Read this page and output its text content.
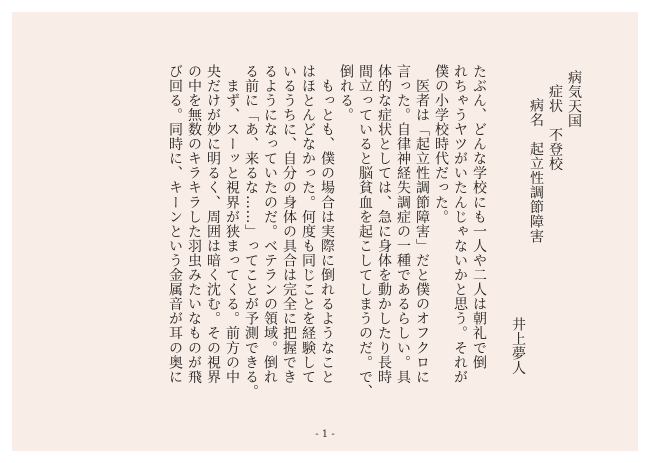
病気天国
症状　不登校
病名　起立性調節障害
井上夢人
たぶん、どんな学校にも一人や二人は朝礼で倒
れちゃうヤツがいたんじゃないかと思う。それが
僕の小学校時代だった。
　医者は「起立性調節障害」だと僕のオフクロに
言った。自律神経失調症の一種であるらしい。具
体的な症状としては、急に身体を動かしたり長時
間立っていると脳貧血を起こしてしまうのだ。で、
倒れる。
　もっとも、僕の場合は実際に倒れるようなこと
はほとんどなかった。何度も同じことを経験して
いるうちに、自分の身体の具合は完全に把握でき
るようになっていたのだ。ベテランの領域。倒れ
る前に「あ、来るな……」ってことが予測できる。
　まず、スーッと視界が狭まってくる。前方の中
央だけが妙に明るく、周囲は暗く沈む。その視界
の中を無数のキラキラした羽虫みたいなものが飛
び回る。同時に、キーンという金属音が耳の奥に
- 1 -
